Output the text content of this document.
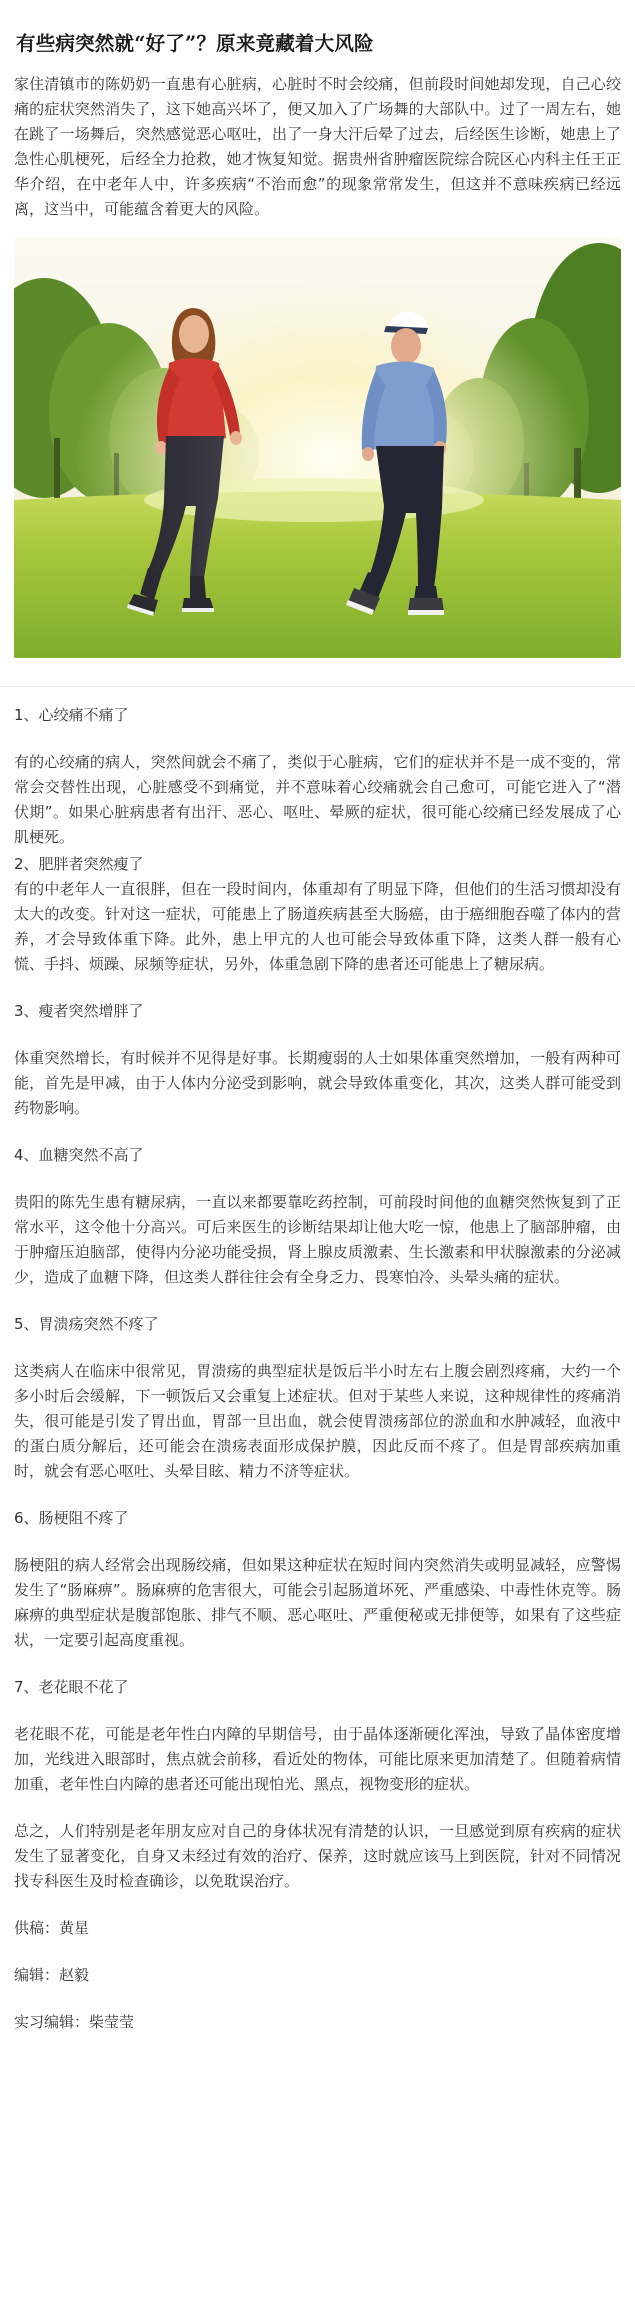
有些病突然就“好了”？原来竟藏着大风险

家住清镇市的陈奶奶一直患有心脏病，心脏时不时会绞痛，但前段时间她却发现，自己心绞痛的症状突然消失了，这下她高兴坏了，便又加入了广场舞的大部队中。过了一周左右，她在跳了一场舞后，突然感觉恶心呕吐，出了一身大汗后晕了过去，后经医生诊断，她患上了急性心肌梗死，后经全力抢救，她才恢复知觉。据贵州省肿瘤医院综合院区心内科主任王正华介绍，在中老年人中，许多疾病“不治而愈”的现象常常发生，但这并不意味疾病已经远离，这当中，可能蕴含着更大的风险。

1、心绞痛不痛了

有的心绞痛的病人，突然间就会不痛了，类似于心脏病，它们的症状并不是一成不变的，常常会交替性出现，心脏感受不到痛觉，并不意味着心绞痛就会自己愈可，可能它进入了“潜伏期”。如果心脏病患者有出汗、恶心、呕吐、晕厥的症状，很可能心绞痛已经发展成了心肌梗死。

2、肥胖者突然瘦了

有的中老年人一直很胖，但在一段时间内，体重却有了明显下降，但他们的生活习惯却没有太大的改变。针对这一症状，可能患上了肠道疾病甚至大肠癌，由于癌细胞吞噬了体内的营养，才会导致体重下降。此外，患上甲亢的人也可能会导致体重下降，这类人群一般有心慌、手抖、烦躁、尿频等症状，另外，体重急剧下降的患者还可能患上了糖尿病。

3、瘦者突然增胖了

体重突然增长，有时候并不见得是好事。长期瘦弱的人士如果体重突然增加，一般有两种可能，首先是甲减，由于人体内分泌受到影响，就会导致体重变化，其次，这类人群可能受到药物影响。

4、血糖突然不高了

贵阳的陈先生患有糖尿病，一直以来都要靠吃药控制，可前段时间他的血糖突然恢复到了正常水平，这令他十分高兴。可后来医生的诊断结果却让他大吃一惊，他患上了脑部肿瘤，由于肿瘤压迫脑部，使得内分泌功能受损，肾上腺皮质激素、生长激素和甲状腺激素的分泌减少，造成了血糖下降，但这类人群往往会有全身乏力、畏寒怕冷、头晕头痛的症状。

5、胃溃疡突然不疼了

这类病人在临床中很常见，胃溃疡的典型症状是饭后半小时左右上腹会剧烈疼痛，大约一个多小时后会缓解，下一顿饭后又会重复上述症状。但对于某些人来说，这种规律性的疼痛消失，很可能是引发了胃出血，胃部一旦出血，就会使胃溃疡部位的淤血和水肿减轻，血液中的蛋白质分解后，还可能会在溃疡表面形成保护膜，因此反而不疼了。但是胃部疾病加重时，就会有恶心呕吐、头晕目眩、精力不济等症状。

6、肠梗阻不疼了

肠梗阻的病人经常会出现肠绞痛，但如果这种症状在短时间内突然消失或明显减轻，应警惕发生了“肠麻痹”。肠麻痹的危害很大，可能会引起肠道坏死、严重感染、中毒性休克等。肠麻痹的典型症状是腹部饱胀、排气不顺、恶心呕吐、严重便秘或无排便等，如果有了这些症状，一定要引起高度重视。

7、老花眼不花了

老花眼不花，可能是老年性白内障的早期信号，由于晶体逐渐硬化浑浊，导致了晶体密度增加，光线进入眼部时，焦点就会前移，看近处的物体，可能比原来更加清楚了。但随着病情加重，老年性白内障的患者还可能出现怕光、黑点，视物变形的症状。

总之，人们特别是老年朋友应对自己的身体状况有清楚的认识，一旦感觉到原有疾病的症状发生了显著变化，自身又未经过有效的治疗、保养，这时就应该马上到医院，针对不同情况找专科医生及时检查确诊，以免耽误治疗。

供稿：黄星

编辑：赵毅

实习编辑：柴莹莹
